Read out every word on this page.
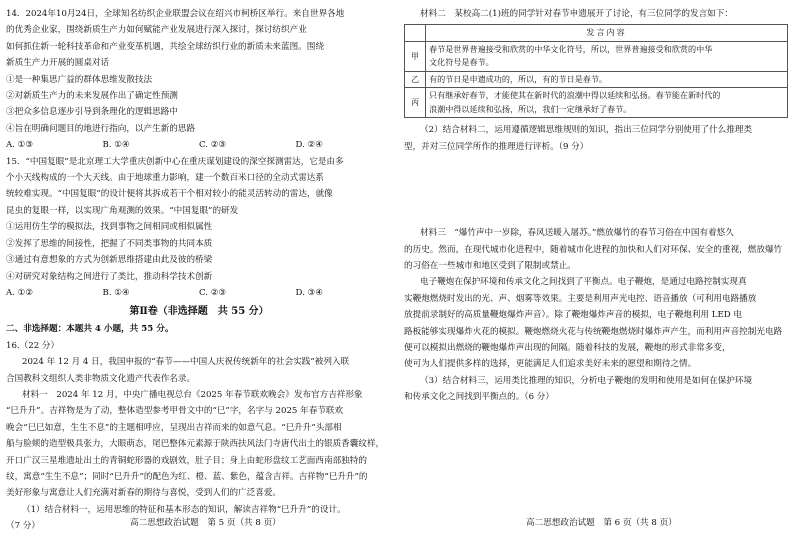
14．2024年10月24日，全球知名纺织企业联盟会议在绍兴市柯桥区举行。来自世界各地
的优秀企业家，围绕新质生产力如何赋能产业发展进行深入探讨，探讨纺织产业
如何抓住新一轮科技革命和产业变革机遇，共绘全球纺织行业的新质未来蓝图。围绕
新质生产力开展的圆桌对话
①是一种集思广益的群体思维发散技法
②对新质生产力的未来发展作出了确定性预测
③把众多信息逐步引导到条理化的逻辑思路中
④旨在明确问题目的地进行指向，以产生新的思路
A. ①③	B. ①④	C. ②③	D. ②④
15．“中国复眼”是北京理工大学重庆创新中心在重庆谋划建设的深空探测雷达，它是由多
个小天线构成的一个大天线。由于地球重力影响，建一个数百米口径的全动式雷达系
统较难实现。“中国复眼”的设计便将其拆成若干个相对较小的能灵活转动的雷达，就像
昆虫的复眼一样，以实现广角观测的效果。“中国复眼”的研发
①运用仿生学的模拟法，找到事物之间相同或相似属性
②发挥了思维的间接性，把握了不同类事物的共同本质
③通过有意想象的方式为创新思维搭建由此及彼的桥梁
④对研究对象结构之间进行了类比，推动科学技术创新
A. ①②	B. ①④	C. ②③	D. ③④
第Ⅱ卷（非选择题　共 55 分）
二、非选择题：本题共 4 小题，共 55 分。
16.（22 分）
2024 年 12 月 4 日，我国申报的“春节——中国人庆祝传统新年的社会实践”被列入联
合国教科文组织人类非物质文化遗产代表作名录。
材料一　2024 年 12 月，中央广播电视总台《2025 年春节联欢晚会》发布官方吉祥形象
“巳升升”。吉祥物是为了动，整体造型参考甲骨文中的“巳”字，名字与 2025 年春节联欢
晚会“巳巳如意，生生不息”的主题相呼应，呈现出吉祥而来的如意气息。“巳升升”头部相
船与脸颊的造型极具张力，大眼萌态，尾巴整体元素源于陕西扶风法门寺唐代出土的银质香囊纹样，
开口广汉三星堆遗址出土的青铜蛇形器的戏剧效，肚子目；身上由蛇形盘纹工艺面西南部独特的
纹，寓意“生生不息”；同时“巳升升”的配色为红、橙、蓝、紫色，蕴含吉祥。吉祥物“巳升升”的
美好形象与寓意让人们充满对新春的期待与喜悦，受到人们的广泛喜爱。
（1）结合材料一，运用思维的特征和基本形态的知识，解读吉祥物“巳升升”的设计。
（7 分）	高二思想政治试题　第 5 页（共 8 页）
材料二　某校高二(1)班的同学针对春节申遗展开了讨论，有三位同学的发言如下：
	发言内容
甲	春节是世界普遍接受和欣赏的中华文化符号，所以，世界普遍接受和欣赏的中华
文化符号是春节。

乙	有的节日是申遗成功的，所以，有的节日是春节。

丙	只有继承好春节，才能使其在新时代的浪潮中得以延续和弘扬。春节能在新时代的
浪潮中得以延续和弘扬，所以，我们一定继承好了春节。
（2）结合材料二，运用遵循逻辑思维规则的知识，指出三位同学分别使用了什么推理类
型，并对三位同学所作的推理进行评析。（9 分）
材料三　“爆竹声中一岁除，春风送暖入屠苏。”燃放爆竹的春节习俗在中国有着悠久
的历史。然而，在现代城市化进程中，随着城市化进程的加快和人们对环保、安全的重视，燃放爆竹
的习俗在一些城市和地区受到了限制或禁止。
电子鞭炮在保护环境和传承文化之间找到了平衡点。电子鞭炮，是通过电路控制实现真
实鞭炮燃烧时发出的光、声、烟雾等效果。主要是利用声光电控、语音播放（可利用电路播放
放提前录制好的高质量鞭炮爆炸声音）。除了鞭炮爆炸声音的模拟，电子鞭炮利用 LED 电
路板能够实现爆炸火花的模拟。鞭炮燃烧火花与传统鞭炮燃烧时爆炸声产生，而利用声音控制光电路
便可以模拟出燃烧的鞭炮爆炸声出现的间隔。随着科技的发展，鞭炮的形式非常多变，
使可为人们提供多样的选择，更能满足人们追求美好未来的愿望和期待之情。
（3）结合材料三，运用类比推理的知识，分析电子鞭炮的发明和使用是如何在保护环境
和传承文化之间找到平衡点的。（6 分）
高二思想政治试题　第 6 页（共 8 页）
